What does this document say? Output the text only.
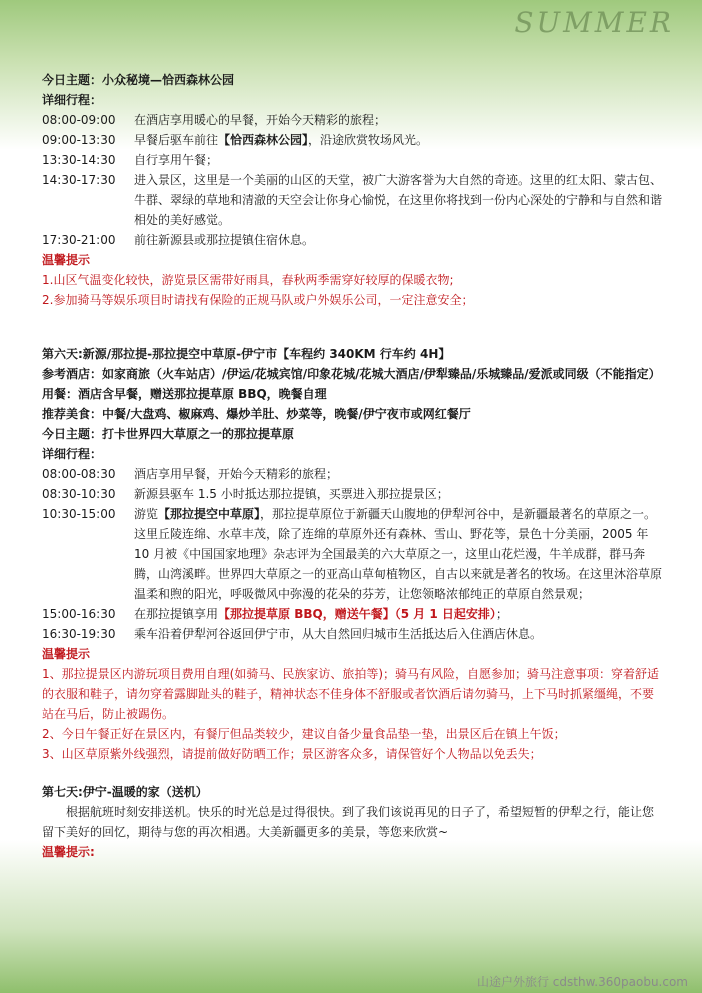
SUMMER
今日主题：小众秘境—恰西森林公园
详细行程：
08:00-09:00	在酒店享用暖心的早餐，开始今天精彩的旅程；
09:00-13:30	早餐后驱车前往【恰西森林公园】，沿途欣赏牧场风光。
13:30-14:30	自行享用午餐；
14:30-17:30	进入景区，这里是一个美丽的山区的天堂，被广大游客誉为大自然的奇迹。这里的红太阳、蒙古包、牛群、翠绿的草地和清澈的天空会让你身心愉悦，在这里你将找到一份内心深处的宁静和与自然和谐相处的美好感觉。
17:30-21:00	前往新源县或那拉提镇住宿休息。
温馨提示
1.山区气温变化较快，游览景区需带好雨具，春秋两季需穿好较厚的保暖衣物;
2.参加骑马等娱乐项目时请找有保险的正规马队或户外娱乐公司，一定注意安全；
第六天:新源/那拉提-那拉提空中草原-伊宁市【车程约 340KM 行车约 4H】
参考酒店：如家商旅（火车站店）/伊运/花城宾馆/印象花城/花城大酒店/伊犁臻品/乐城臻品/爱派或同级（不能指定）
用餐：酒店含早餐，赠送那拉提草原 BBQ，晚餐自理
推荐美食：中餐/大盘鸡、椒麻鸡、爆炒羊肚、炒菜等，晚餐/伊宁夜市或网红餐厅
今日主题：打卡世界四大草原之一的那拉提草原
详细行程：
08:00-08:30	酒店享用早餐，开始今天精彩的旅程；
08:30-10:30	新源县驱车 1.5 小时抵达那拉提镇，买票进入那拉提景区；
10:30-15:00	游览【那拉提空中草原】，那拉提草原位于新疆天山腹地的伊犁河谷中，是新疆最著名的草原之一。这里丘陵连绵、水草丰茂，除了连绵的草原外还有森林、雪山、野花等，景色十分美丽，2005 年 10 月被《中国国家地理》杂志评为全国最美的六大草原之一，这里山花烂漫，牛羊成群，群马奔腾，山湾溪畔。世界四大草原之一的亚高山草甸植物区，自古以来就是著名的牧场。在这里沐浴草原温柔和煦的阳光，呼吸微风中弥漫的花朵的芬芳，让您领略浓郁纯正的草原自然景观；
15:00-16:30	在那拉提镇享用【那拉提草原 BBQ，赠送午餐】（5 月 1 日起安排）；
16:30-19:30	乘车沿着伊犁河谷返回伊宁市，从大自然回归城市生活抵达后入住酒店休息。
温馨提示
1、那拉提景区内游玩项目费用自理(如骑马、民族家访、旅拍等)；骑马有风险，自愿参加；骑马注意事项：穿着舒适的衣服和鞋子，请勿穿着露脚趾头的鞋子，精神状态不佳身体不舒服或者饮酒后请勿骑马，上下马时抓紧缰绳，不要站在马后，防止被踢伤。
2、今日午餐正好在景区内，有餐厅但品类较少，建议自备少量食品垫一垫，出景区后在镇上午饭；
3、山区草原紫外线强烈，请提前做好防晒工作；景区游客众多，请保管好个人物品以免丢失；
第七天:伊宁-温暖的家（送机）
根据航班时刻安排送机。快乐的时光总是过得很快。到了我们该说再见的日子了，希望短暂的伊犁之行，能让您留下美好的回忆，期待与您的再次相遇。大美新疆更多的美景，等您来欣赏~
温馨提示:
山途户外旅行 cdsthw.360paobu.com
